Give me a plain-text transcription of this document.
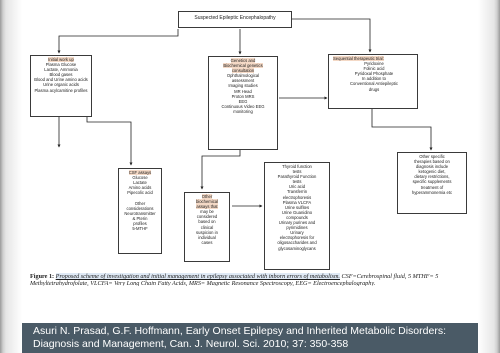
Suspected Epileptic Encephalopathy
Initial work up
Plasma Glucose
Lactate, Ammonia
Blood gases
Blood and Urine amino acids
Urine organic acids
Plasma acylcarnitine profiles
Genetics and
Biochemical genetics
consultation
Ophthalmological
assessment
Imaging studies
MR Head
Proton MRS
EEG
Continuous Video EEG
monitoring
Sequential therapeutic trial:
Pyridoxine
Folinic acid
Pyridoxal Phosphate
In addition to
Conventional Antiepileptic
drugs
CSF assays
Glucose
Lactate
Amino acids
Pipecolic acid

Other
considerations
Neurotransmitter
& Pterin
profiles
5-MTHF
Other
biochemical
assays that
may be
considered
based on
clinical
suspicion in
individual
cases
Thyroid function
tests
Parathyroid Function
tests
Uric acid
Transferrin
electrophoresis
Plasma VLCFA
Urine sulfites
Urine Guanidino
compounds
Urinary purines and
pyrimidines
Urinary
electrophoresis for
oligosaccharides and
glycosaminoglycans
Other specific
therapies based on
diagnosis include
ketogenic diet,
dietary restrictions,
specific supplements
treatment of
hyperammonemia etc
Figure 1: Proposed scheme of investigation and initial management in epilepsy associated with inborn errors of metabolism. CSF=Cerebrospinal fluid, 5 MTHF= 5 Methyltetrahydrofolate, VLCFA= Very Long Chain Fatty Acids, MRS= Magnetic Resonance Spectroscopy, EEG= Electroencephalography.
Asuri N. Prasad, G.F. Hoffmann, Early Onset Epilepsy and Inherited Metabolic Disorders: Diagnosis and Management, Can. J. Neurol. Sci. 2010; 37: 350-358
